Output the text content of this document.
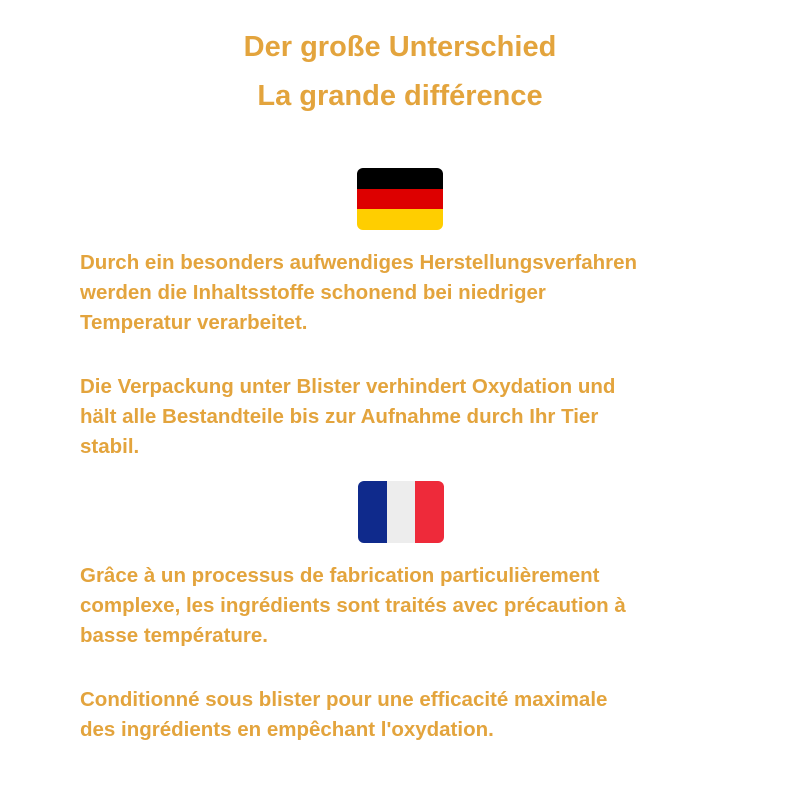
Der große Unterschied
La grande différence

Durch ein besonders aufwendiges Herstellungsverfahren
werden die Inhaltsstoffe schonend bei niedriger
Temperatur verarbeitet.

Die Verpackung unter Blister verhindert Oxydation und
hält alle Bestandteile bis zur Aufnahme durch Ihr Tier
stabil.

Grâce à un processus de fabrication particulièrement
complexe, les ingrédients sont traités avec précaution à
basse température.

Conditionné sous blister pour une efficacité maximale
des ingrédients en empêchant l'oxydation.
